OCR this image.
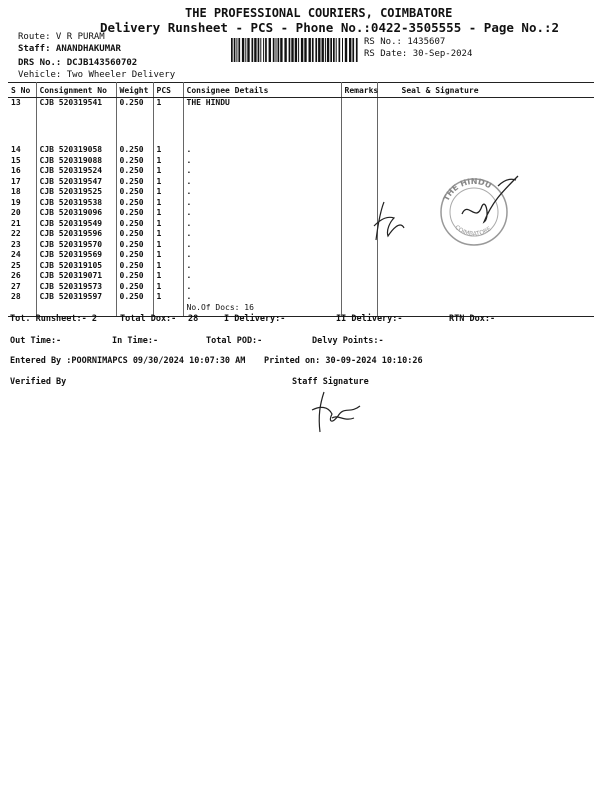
THE PROFESSIONAL COURIERS, COIMBATORE
Delivery Runsheet - PCS - Phone No.:0422-3505555 - Page No.:2
Route: V R PURAM
Staff: ANANDHAKUMAR
DRS No.: DCJB143560702
Vehicle: Two Wheeler Delivery
RS No.: 1435607
RS Date: 30-Sep-2024
S No	Consignment No	Weight	PCS	Consignee Details	Remarks	Seal & Signature
13	CJB 520319541	0.250	1	THE HINDU		
14	CJB 520319058	0.250	1	.		
15	CJB 520319088	0.250	1	.		
16	CJB 520319524	0.250	1	.		
17	CJB 520319547	0.250	1	.		
18	CJB 520319525	0.250	1	.		
19	CJB 520319538	0.250	1	.		
20	CJB 520319096	0.250	1	.		
21	CJB 520319549	0.250	1	.		
22	CJB 520319596	0.250	1	.		
23	CJB 520319570	0.250	1	.		
24	CJB 520319569	0.250	1	.		
25	CJB 520319105	0.250	1	.		
26	CJB 520319071	0.250	1	.		
27	CJB 520319573	0.250	1	.		
28	CJB 520319597	0.250	1	.		
				No.Of Docs: 16		

Tot. Runsheet:- 2	Total Dox:- 28	I Delivery:-	II Delivery:-	RTN Dox:-
Out Time:-	In Time:-	Total POD:-	Delvy Points:-
Entered By :POORNIMAPCS 09/30/2024 10:07:30 AM Printed on: 30-09-2024 10:10:26
Verified By	Staff Signature
THE HINDU
COIMBATORE
